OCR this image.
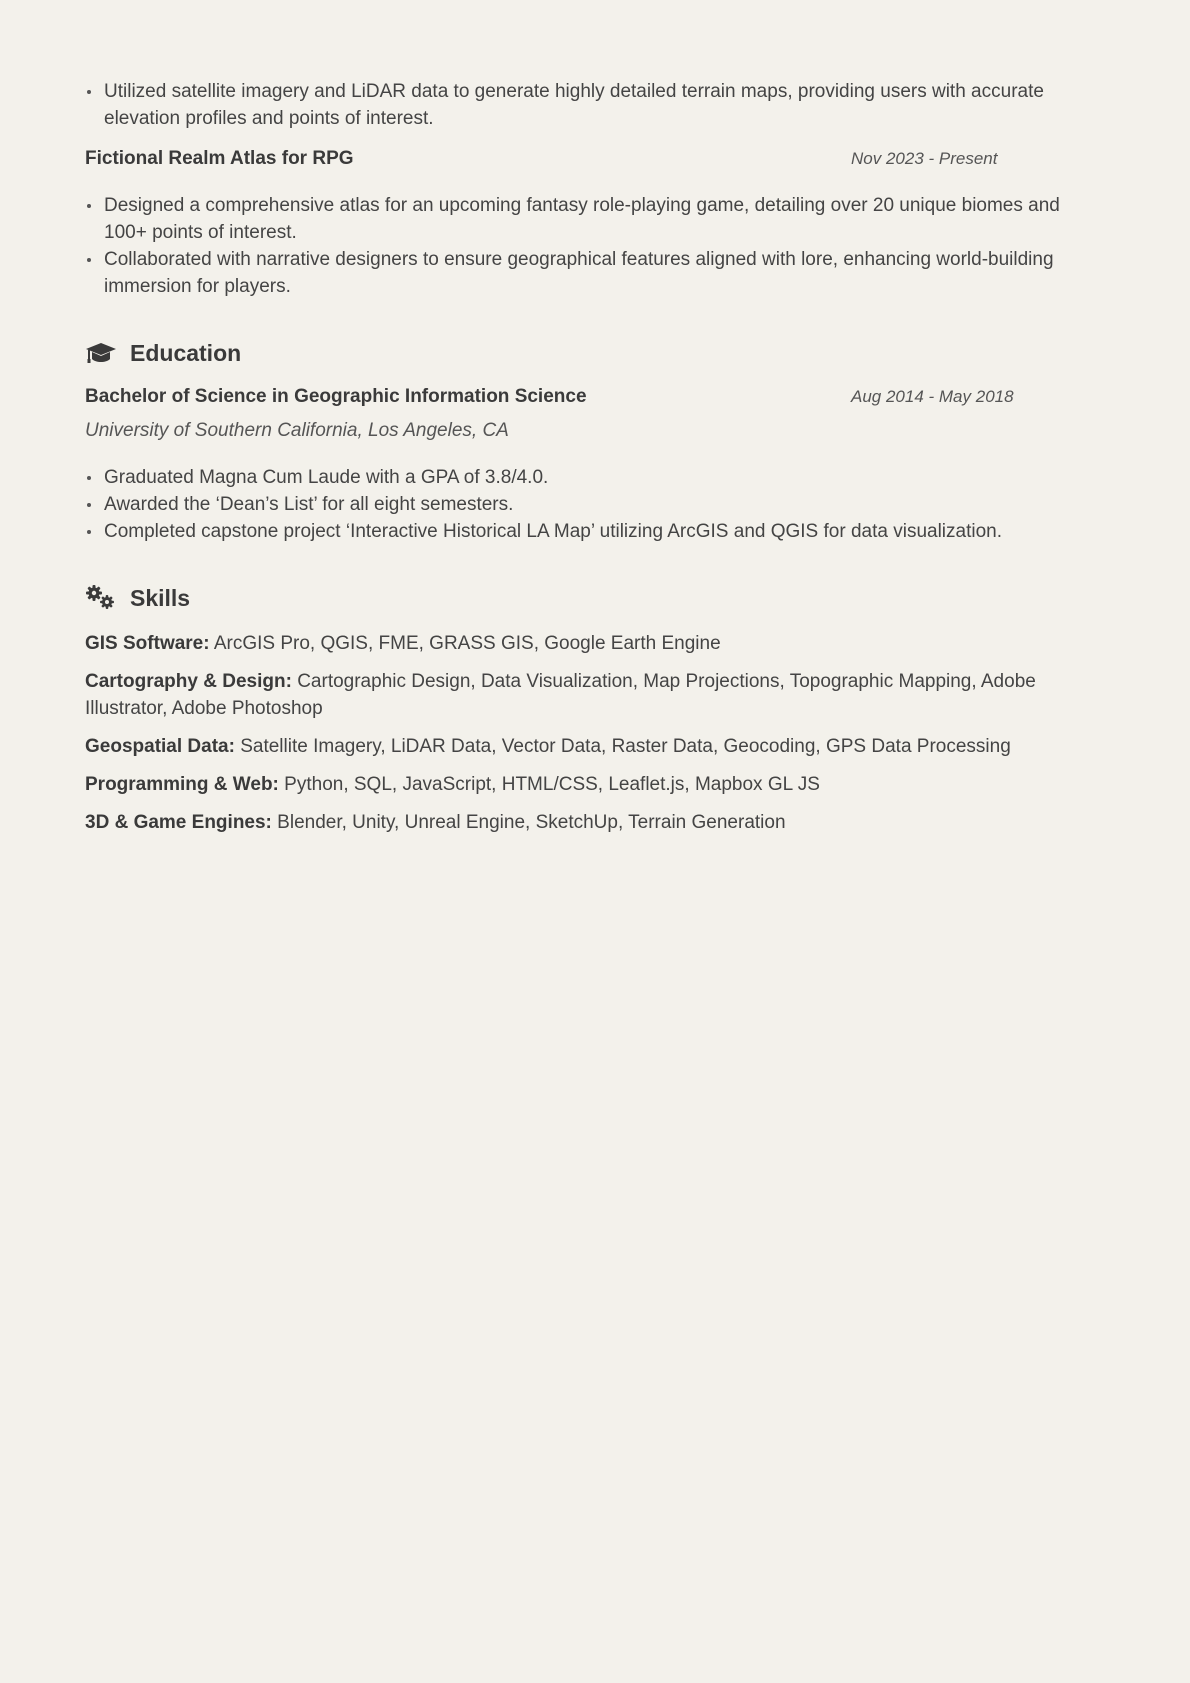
Utilized satellite imagery and LiDAR data to generate highly detailed terrain maps, providing users with accurate elevation profiles and points of interest.
Fictional Realm Atlas for RPG	Nov 2023 - Present
Designed a comprehensive atlas for an upcoming fantasy role-playing game, detailing over 20 unique biomes and 100+ points of interest.
Collaborated with narrative designers to ensure geographical features aligned with lore, enhancing world-building immersion for players.
Education
Bachelor of Science in Geographic Information Science	Aug 2014 - May 2018
University of Southern California, Los Angeles, CA
Graduated Magna Cum Laude with a GPA of 3.8/4.0.
Awarded the ‘Dean’s List’ for all eight semesters.
Completed capstone project ‘Interactive Historical LA Map’ utilizing ArcGIS and QGIS for data visualization.
Skills
GIS Software: ArcGIS Pro, QGIS, FME, GRASS GIS, Google Earth Engine
Cartography & Design: Cartographic Design, Data Visualization, Map Projections, Topographic Mapping, Adobe Illustrator, Adobe Photoshop
Geospatial Data: Satellite Imagery, LiDAR Data, Vector Data, Raster Data, Geocoding, GPS Data Processing
Programming & Web: Python, SQL, JavaScript, HTML/CSS, Leaflet.js, Mapbox GL JS
3D & Game Engines: Blender, Unity, Unreal Engine, SketchUp, Terrain Generation
